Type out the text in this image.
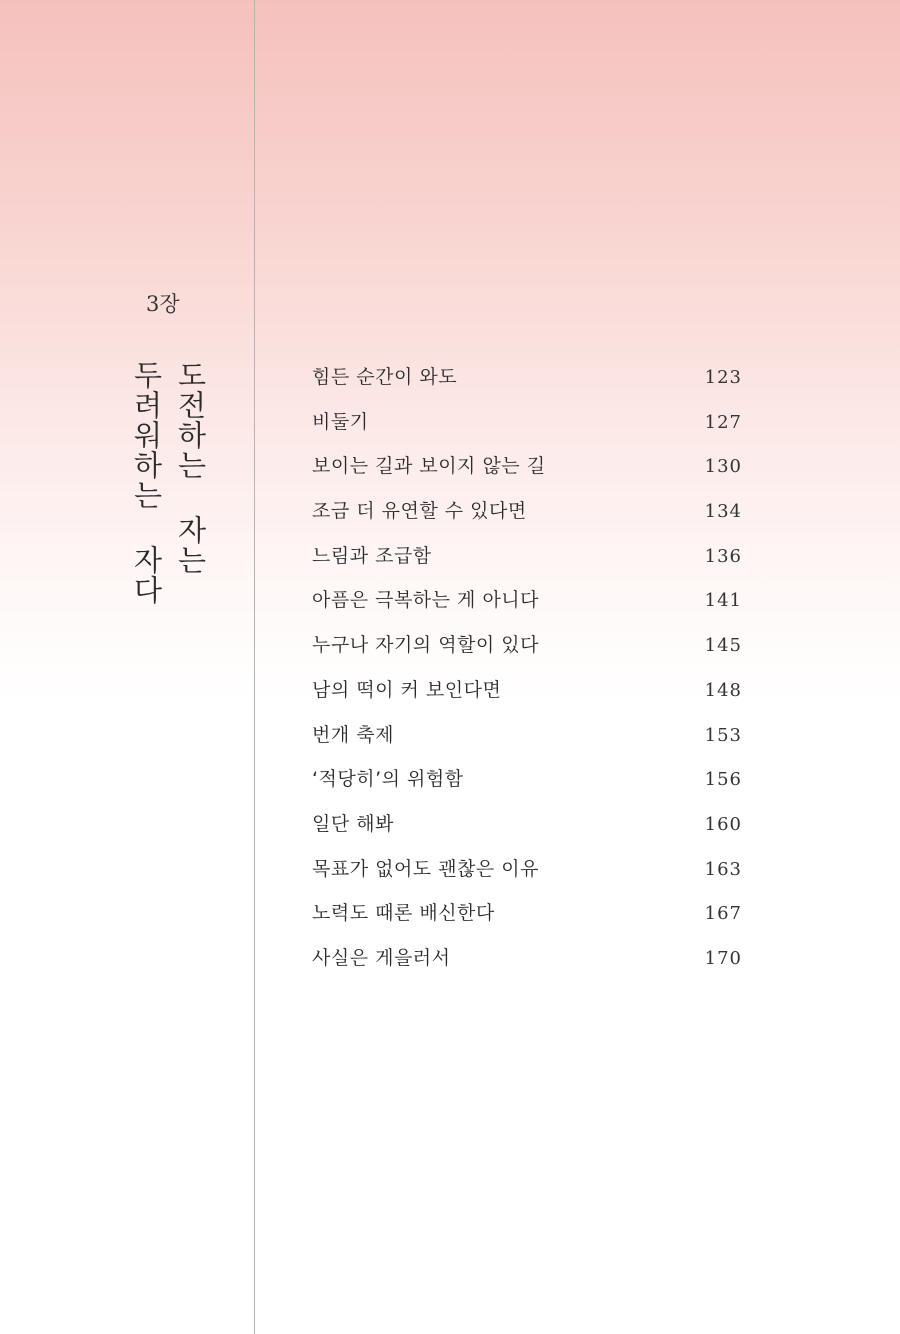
3장
도전하는 자는
두려워하는 자다	힘든 순간이 와도	123
비둘기	127
보이는 길과 보이지 않는 길	130
조금 더 유연할 수 있다면	134
느림과 조급함	136
아픔은 극복하는 게 아니다	141
누구나 자기의 역할이 있다	145
남의 떡이 커 보인다면	148
번개 축제	153
‘적당히’의 위험함	156
일단 해봐	160
목표가 없어도 괜찮은 이유	163
노력도 때론 배신한다	167
사실은 게을러서	170
